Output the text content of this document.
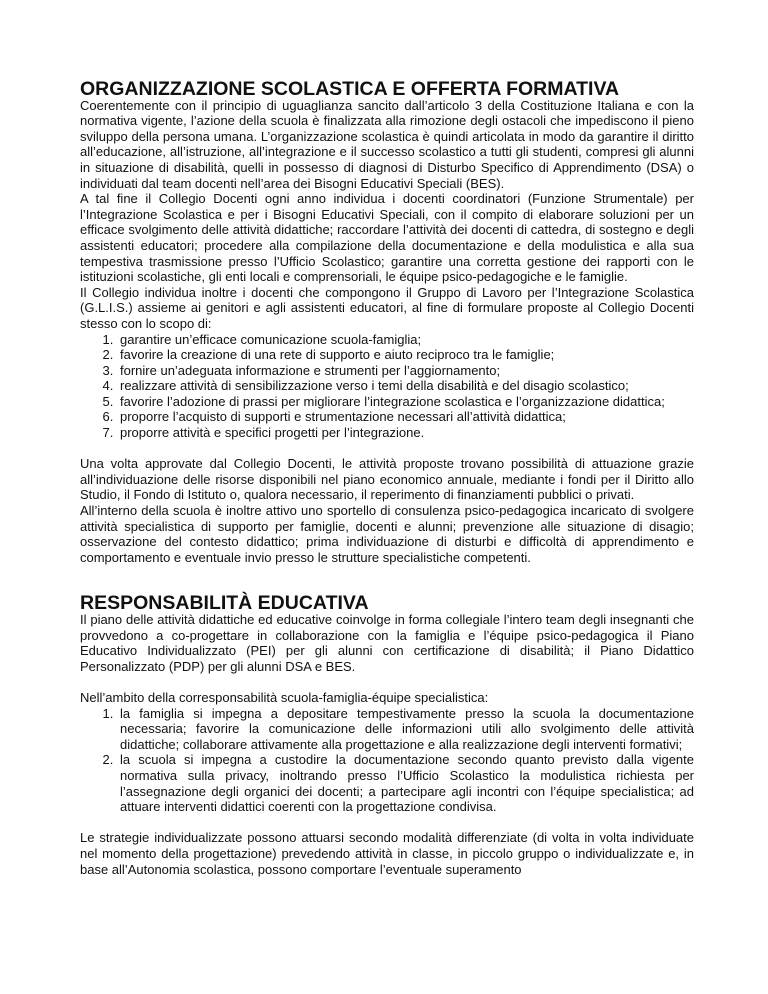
ORGANIZZAZIONE SCOLASTICA E OFFERTA FORMATIVA

Coerentemente con il principio di uguaglianza sancito dall’articolo 3 della Costituzione Italiana e con la normativa vigente, l’azione della scuola è finalizzata alla rimozione degli ostacoli che impediscono il pieno sviluppo della persona umana. L’organizzazione scolastica è quindi articolata in modo da garantire il diritto all’educazione, all’istruzione, all’integrazione e il successo scolastico a tutti gli studenti, compresi gli alunni in situazione di disabilità, quelli in possesso di diagnosi di Disturbo Specifico di Apprendimento (DSA) o individuati dal team docenti nell’area dei Bisogni Educativi Speciali (BES).

A tal fine il Collegio Docenti ogni anno individua i docenti coordinatori (Funzione Strumentale) per l’Integrazione Scolastica e per i Bisogni Educativi Speciali, con il compito di elaborare soluzioni per un efficace svolgimento delle attività didattiche; raccordare l’attività dei docenti di cattedra, di sostegno e degli assistenti educatori; procedere alla compilazione della documentazione e della modulistica e alla sua tempestiva trasmissione presso l’Ufficio Scolastico; garantire una corretta gestione dei rapporti con le istituzioni scolastiche, gli enti locali e comprensoriali, le équipe psico-pedagogiche e le famiglie.

Il Collegio individua inoltre i docenti che compongono il Gruppo di Lavoro per l’Integrazione Scolastica (G.L.I.S.) assieme ai genitori e agli assistenti educatori, al fine di formulare proposte al Collegio Docenti stesso con lo scopo di:

1. garantire un’efficace comunicazione scuola-famiglia;
2. favorire la creazione di una rete di supporto e aiuto reciproco tra le famiglie;
3. fornire un’adeguata informazione e strumenti per l’aggiornamento;
4. realizzare attività di sensibilizzazione verso i temi della disabilità e del disagio scolastico;
5. favorire l’adozione di prassi per migliorare l’integrazione scolastica e l’organizzazione didattica;
6. proporre l’acquisto di supporti e strumentazione necessari all’attività didattica;
7. proporre attività e specifici progetti per l’integrazione.

Una volta approvate dal Collegio Docenti, le attività proposte trovano possibilità di attuazione grazie all’individuazione delle risorse disponibili nel piano economico annuale, mediante i fondi per il Diritto allo Studio, il Fondo di Istituto o, qualora necessario, il reperimento di finanziamenti pubblici o privati.

All’interno della scuola è inoltre attivo uno sportello di consulenza psico-pedagogica incaricato di svolgere attività specialistica di supporto per famiglie, docenti e alunni; prevenzione alle situazione di disagio; osservazione del contesto didattico; prima individuazione di disturbi e difficoltà di apprendimento e comportamento e eventuale invio presso le strutture specialistiche competenti.

RESPONSABILITÀ EDUCATIVA

Il piano delle attività didattiche ed educative coinvolge in forma collegiale l’intero team degli insegnanti che provvedono a co-progettare in collaborazione con la famiglia e l’équipe psico-pedagogica il Piano Educativo Individualizzato (PEI) per gli alunni con certificazione di disabilità; il Piano Didattico Personalizzato (PDP) per gli alunni DSA e BES.

Nell’ambito della corresponsabilità scuola-famiglia-équipe specialistica:

1. la famiglia si impegna a depositare tempestivamente presso la scuola la documentazione necessaria; favorire la comunicazione delle informazioni utili allo svolgimento delle attività didattiche; collaborare attivamente alla progettazione e alla realizzazione degli interventi formativi;
2. la scuola si impegna a custodire la documentazione secondo quanto previsto dalla vigente normativa sulla privacy, inoltrando presso l’Ufficio Scolastico la modulistica richiesta per l’assegnazione degli organici dei docenti; a partecipare agli incontri con l’équipe specialistica; ad attuare interventi didattici coerenti con la progettazione condivisa.

Le strategie individualizzate possono attuarsi secondo modalità differenziate (di volta in volta individuate nel momento della progettazione) prevedendo attività in classe, in piccolo gruppo o individualizzate e, in base all’Autonomia scolastica, possono comportare l’eventuale superamento
